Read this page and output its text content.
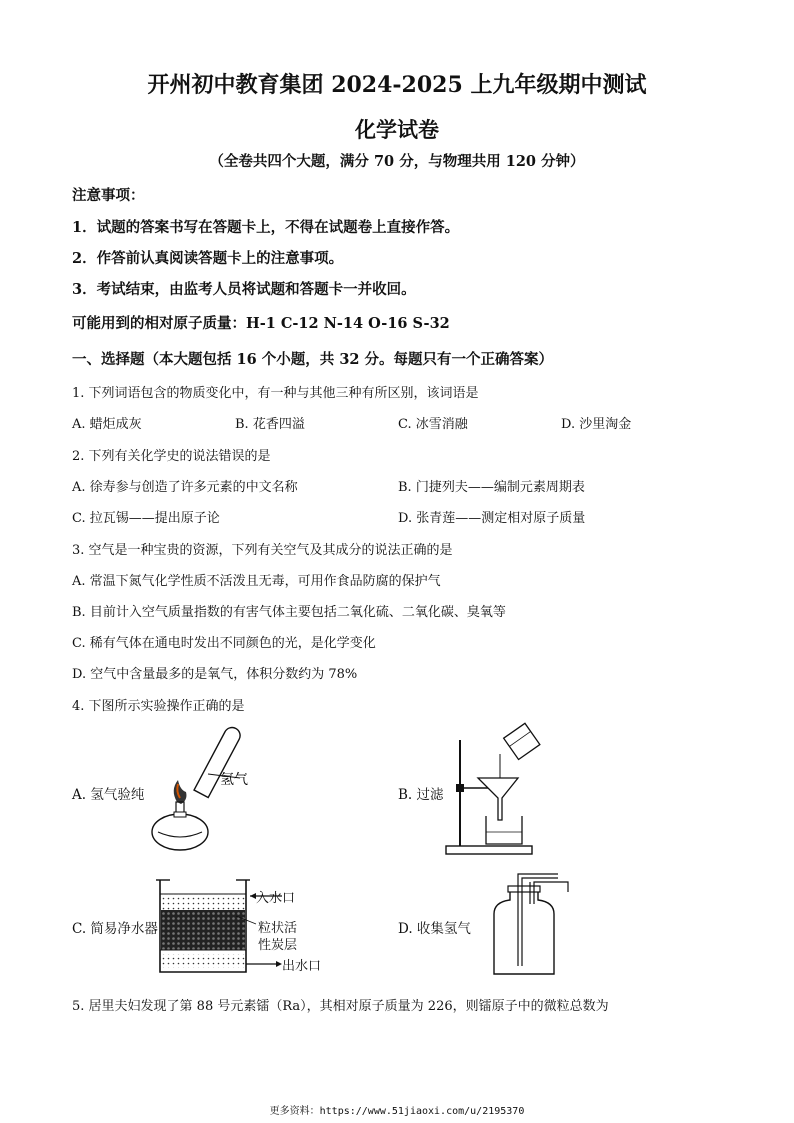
开州初中教育集团 2024-2025 上九年级期中测试
化学试卷
（全卷共四个大题，满分 70 分，与物理共用 120 分钟）
注意事项：
1．试题的答案书写在答题卡上，不得在试题卷上直接作答。
2．作答前认真阅读答题卡上的注意事项。
3．考试结束，由监考人员将试题和答题卡一并收回。
可能用到的相对原子质量：H-1 C-12 N-14 O-16 S-32
一、选择题（本大题包括 16 个小题，共 32 分。每题只有一个正确答案）
1. 下列词语包含的物质变化中，有一种与其他三种有所区别，该词语是
A. 蜡炬成灰	B. 花香四溢	C. 冰雪消融	D. 沙里淘金
2. 下列有关化学史的说法错误的是
A. 徐寿参与创造了许多元素的中文名称	B. 门捷列夫——编制元素周期表
C. 拉瓦锡——提出原子论	D. 张青莲——测定相对原子质量
3. 空气是一种宝贵的资源，下列有关空气及其成分的说法正确的是
A. 常温下氮气化学性质不活泼且无毒，可用作食品防腐的保护气
B. 目前计入空气质量指数的有害气体主要包括二氧化硫、二氧化碳、臭氧等
C. 稀有气体在通电时发出不同颜色的光，是化学变化
D. 空气中含量最多的是氧气，体积分数约为 78%
4. 下图所示实验操作正确的是
氢气
A. 氢气验纯	B. 过滤
入水口
粒状活
性炭层
出水口
C. 简易净水器	D. 收集氢气
5. 居里夫妇发现了第 88 号元素镭（Ra），其相对原子质量为 226，则镭原子中的微粒总数为
更多资料：https://www.51jiaoxi.com/u/2195370
